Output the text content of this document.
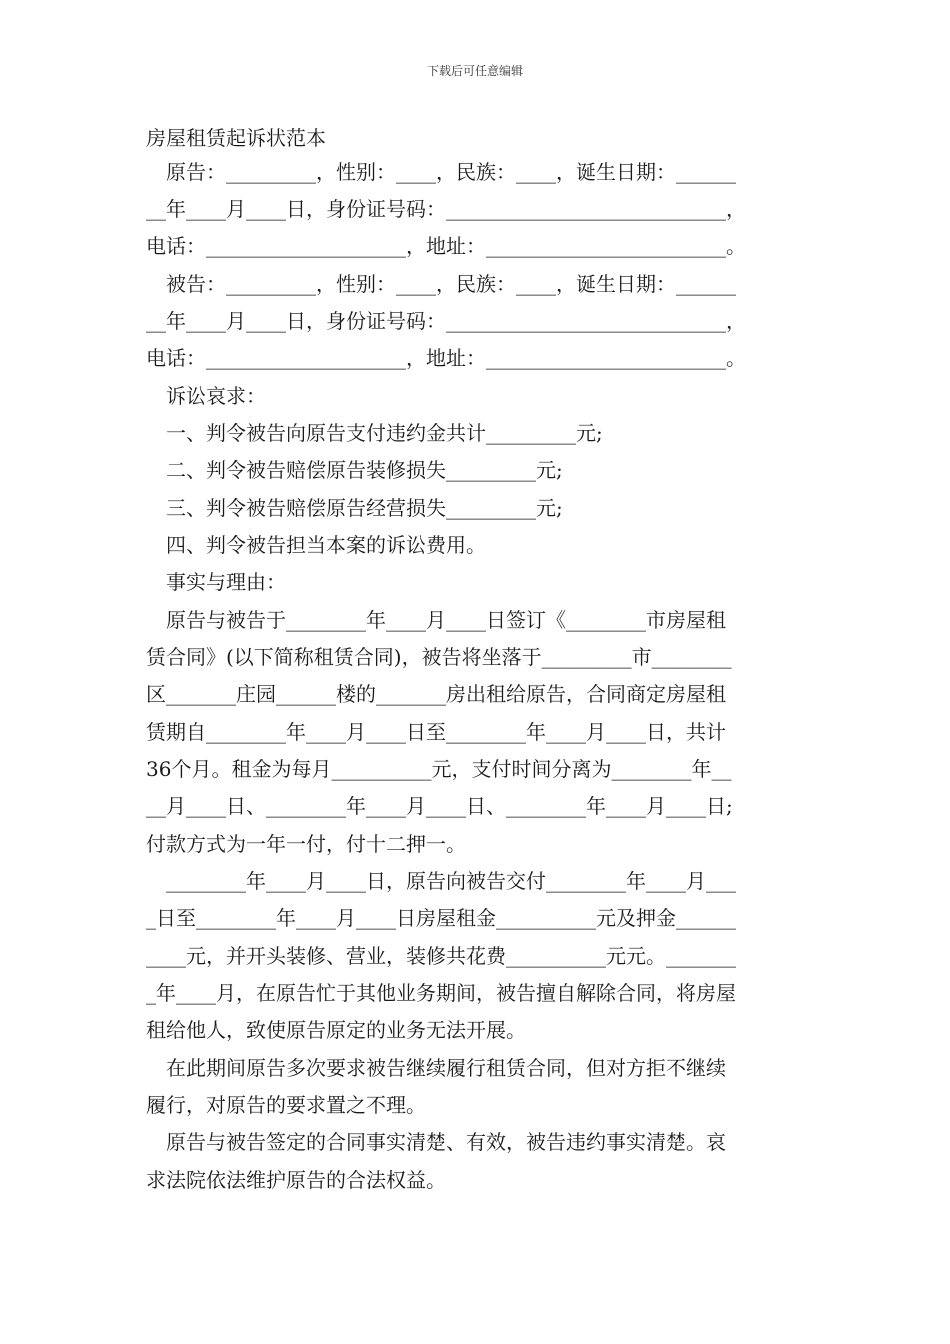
下载后可任意编辑
房屋租赁起诉状范本
原告：_________，性别：____，民族：____，诞生日期：______
__年____月____日，身份证号码：____________________________，
电话：____________________，地址：________________________。
被告：_________，性别：____，民族：____，诞生日期：______
__年____月____日，身份证号码：____________________________，
电话：____________________，地址：________________________。
诉讼哀求：
一、判令被告向原告支付违约金共计_________元;
二、判令被告赔偿原告装修损失_________元;
三、判令被告赔偿原告经营损失_________元;
四、判令被告担当本案的诉讼费用。
事实与理由：
原告与被告于________年____月____日签订《________市房屋租
赁合同》(以下简称租赁合同)，被告将坐落于_________市________
区_______庄园______楼的_______房出租给原告，合同商定房屋租
赁期自________年____月____日至________年____月____日，共计
36个月。租金为每月__________元，支付时间分离为________年__
__月____日、________年____月____日、________年____月____日;
付款方式为一年一付，付十二押一。
________年____月____日，原告向被告交付________年____月___
_日至________年____月____日房屋租金__________元及押金______
____元，并开头装修、营业，装修共花费__________元元。_______
_年____月，在原告忙于其他业务期间，被告擅自解除合同，将房屋
租给他人，致使原告原定的业务无法开展。
在此期间原告多次要求被告继续履行租赁合同，但对方拒不继续
履行，对原告的要求置之不理。
原告与被告签定的合同事实清楚、有效，被告违约事实清楚。哀
求法院依法维护原告的合法权益。
